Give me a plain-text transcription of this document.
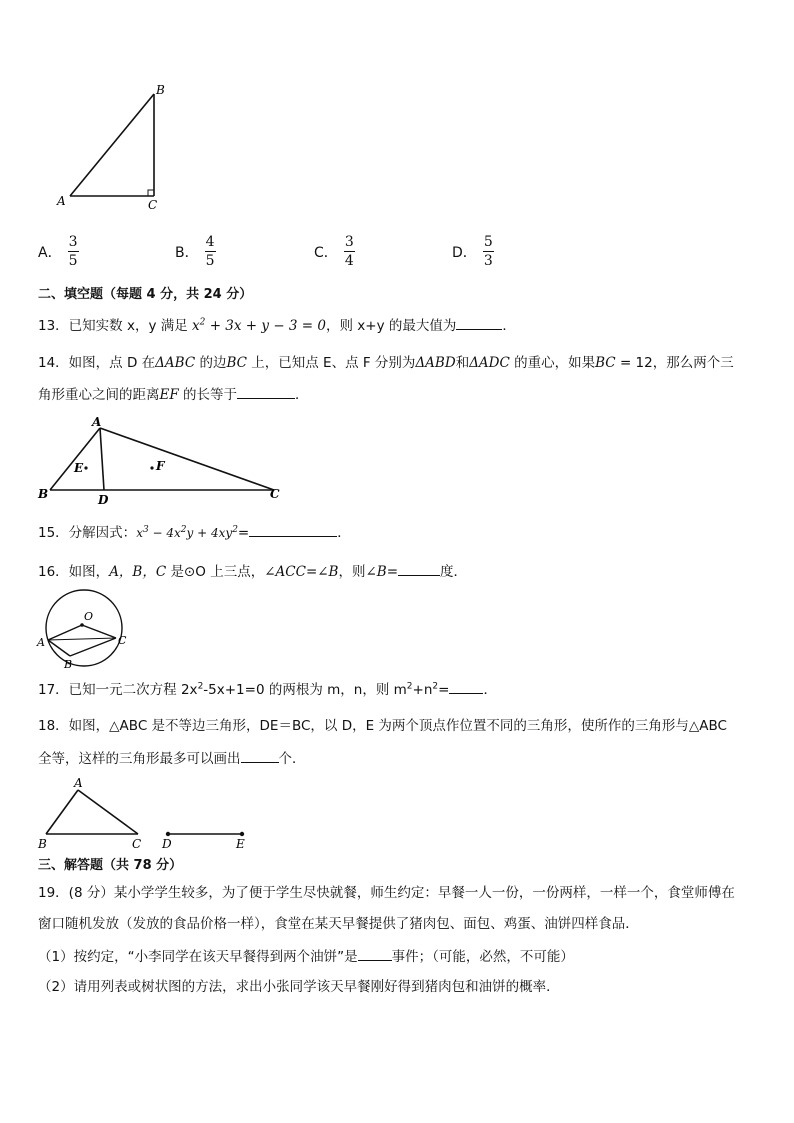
B
A	C
A． $\frac{3}{5}$	B． $\frac{4}{5}$	C． $\frac{3}{4}$	D． $\frac{5}{3}$
二、填空题（每题 4 分，共 24 分）
13．已知实数 x，y 满足 $x^2 + 3x + y - 3 = 0$，则 x+y 的最大值为	．
14．如图，点 D 在ΔABC 的边BC 上，已知点 E、点 F 分别为ΔABD和ΔADC 的重心，如果BC = 12，那么两个三
角形重心之间的距离EF 的长等于	．
A
B	C
D
E	F
15．分解因式：$x^3 - 4x^2y + 4xy^2=$	．
16．如图，A，B，C 是⊙O 上三点，∠ACC=∠B，则∠B=	度．
O
A	C
B
17．已知一元二次方程 $2x^2-5x+1=0$ 的两根为 m，n，则 $m^2+n^2=$	．
18．如图，△ABC 是不等边三角形，DE＝BC，以 D，E 为两个顶点作位置不同的三角形，使所作的三角形与△ABC
全等，这样的三角形最多可以画出	个．
A
B	C D	E
三、解答题（共 78 分）
19．(8 分）某小学学生较多，为了便于学生尽快就餐，师生约定：早餐一人一份，一份两样，一样一个，食堂师傅在
窗口随机发放（发放的食品价格一样），食堂在某天早餐提供了猪肉包、面包、鸡蛋、油饼四样食品．
（1）按约定，“小李同学在该天早餐得到两个油饼”是	事件；（可能，必然，不可能）
（2）请用列表或树状图的方法，求出小张同学该天早餐刚好得到猪肉包和油饼的概率．
